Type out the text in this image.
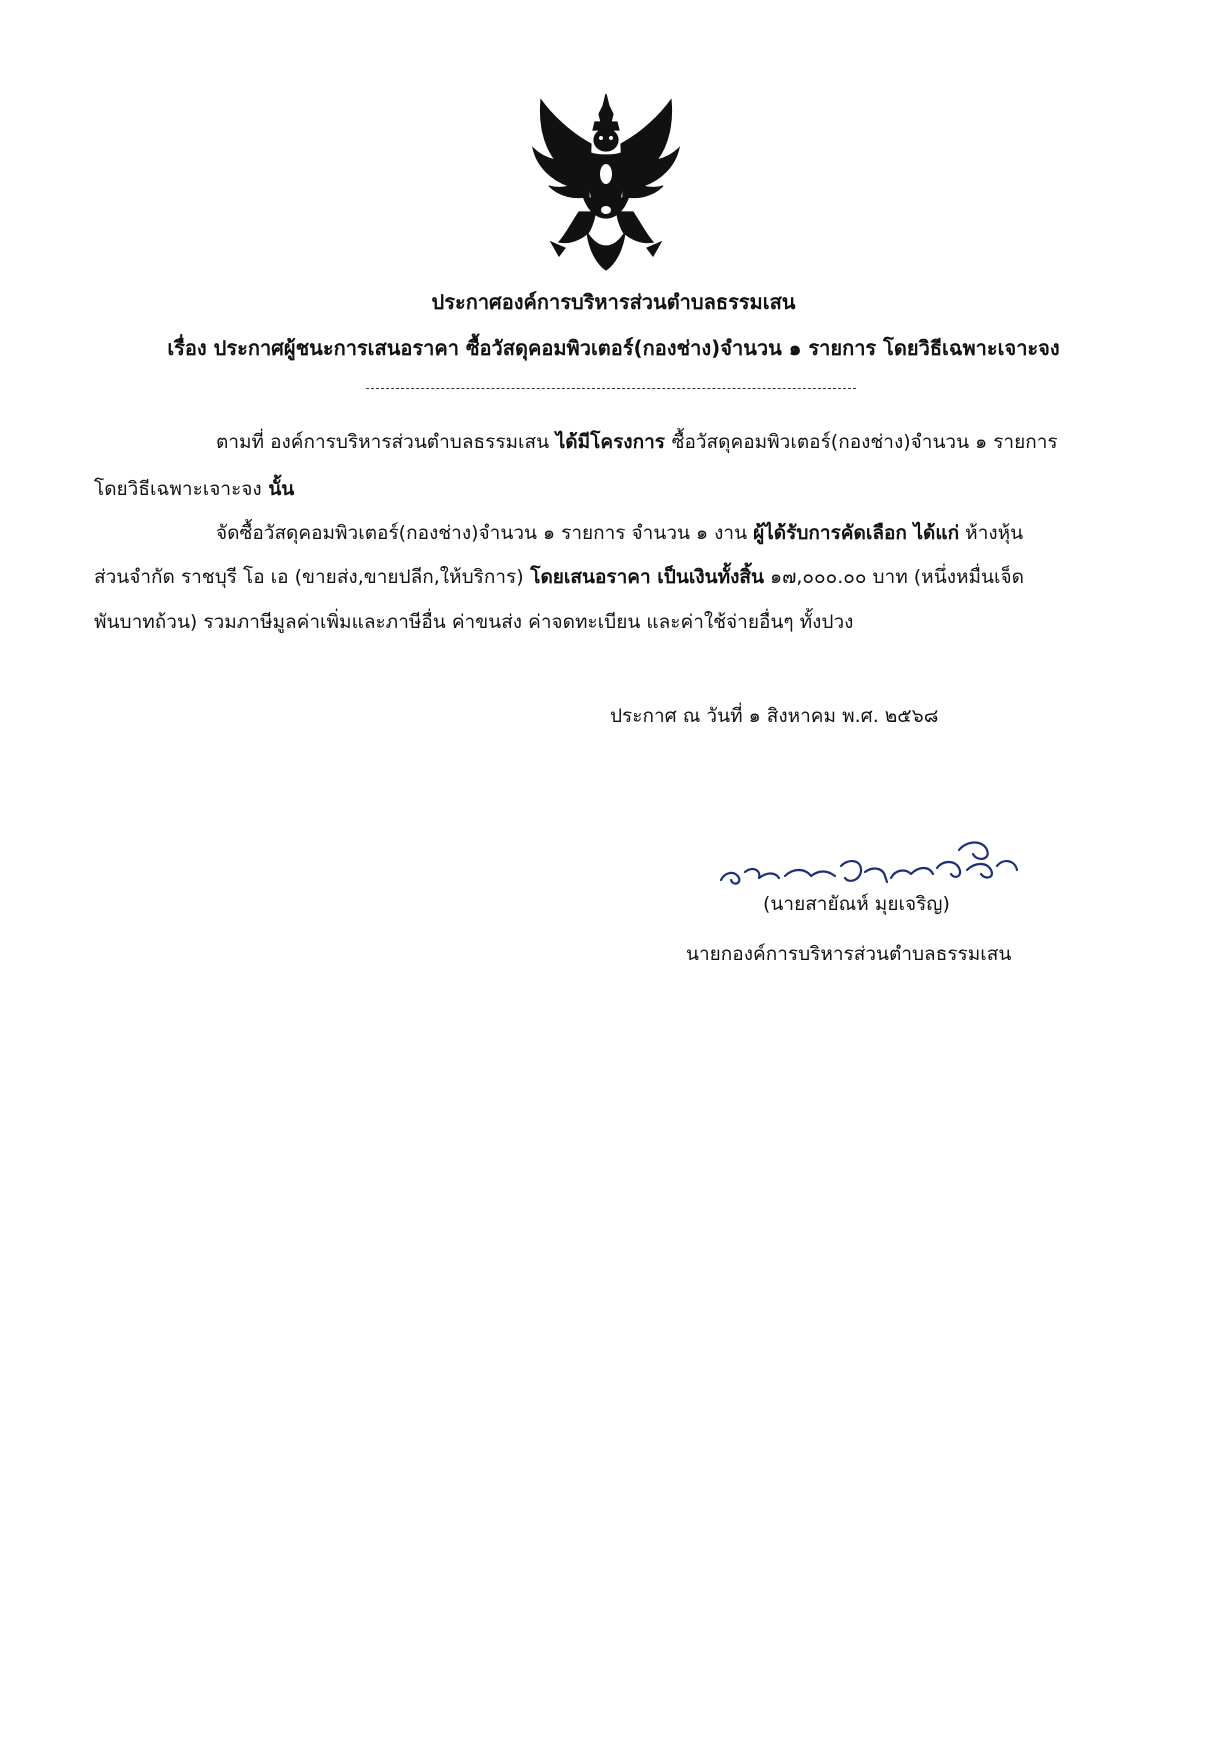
ประกาศองค์การบริหารส่วนตำบลธรรมเสน
เรื่อง ประกาศผู้ชนะการเสนอราคา ซื้อวัสดุคอมพิวเตอร์(กองช่าง)จำนวน ๑ รายการ โดยวิธีเฉพาะเจาะจง
ตามที่ องค์การบริหารส่วนตำบลธรรมเสน ได้มีโครงการ ซื้อวัสดุคอมพิวเตอร์(กองช่าง)จำนวน ๑ รายการ
โดยวิธีเฉพาะเจาะจง นั้น
จัดซื้อวัสดุคอมพิวเตอร์(กองช่าง)จำนวน ๑ รายการ จำนวน ๑ งาน ผู้ได้รับการคัดเลือก ได้แก่ ห้างหุ้น
ส่วนจำกัด ราชบุรี โอ เอ (ขายส่ง,ขายปลีก,ให้บริการ) โดยเสนอราคา เป็นเงินทั้งสิ้น ๑๗,๐๐๐.๐๐ บาท (หนึ่งหมื่นเจ็ด
พันบาทถ้วน) รวมภาษีมูลค่าเพิ่มและภาษีอื่น ค่าขนส่ง ค่าจดทะเบียน และค่าใช้จ่ายอื่นๆ ทั้งปวง
ประกาศ ณ วันที่ ๑ สิงหาคม พ.ศ. ๒๕๖๘
(นายสายัณห์ มุยเจริญ)
นายกองค์การบริหารส่วนตำบลธรรมเสน
